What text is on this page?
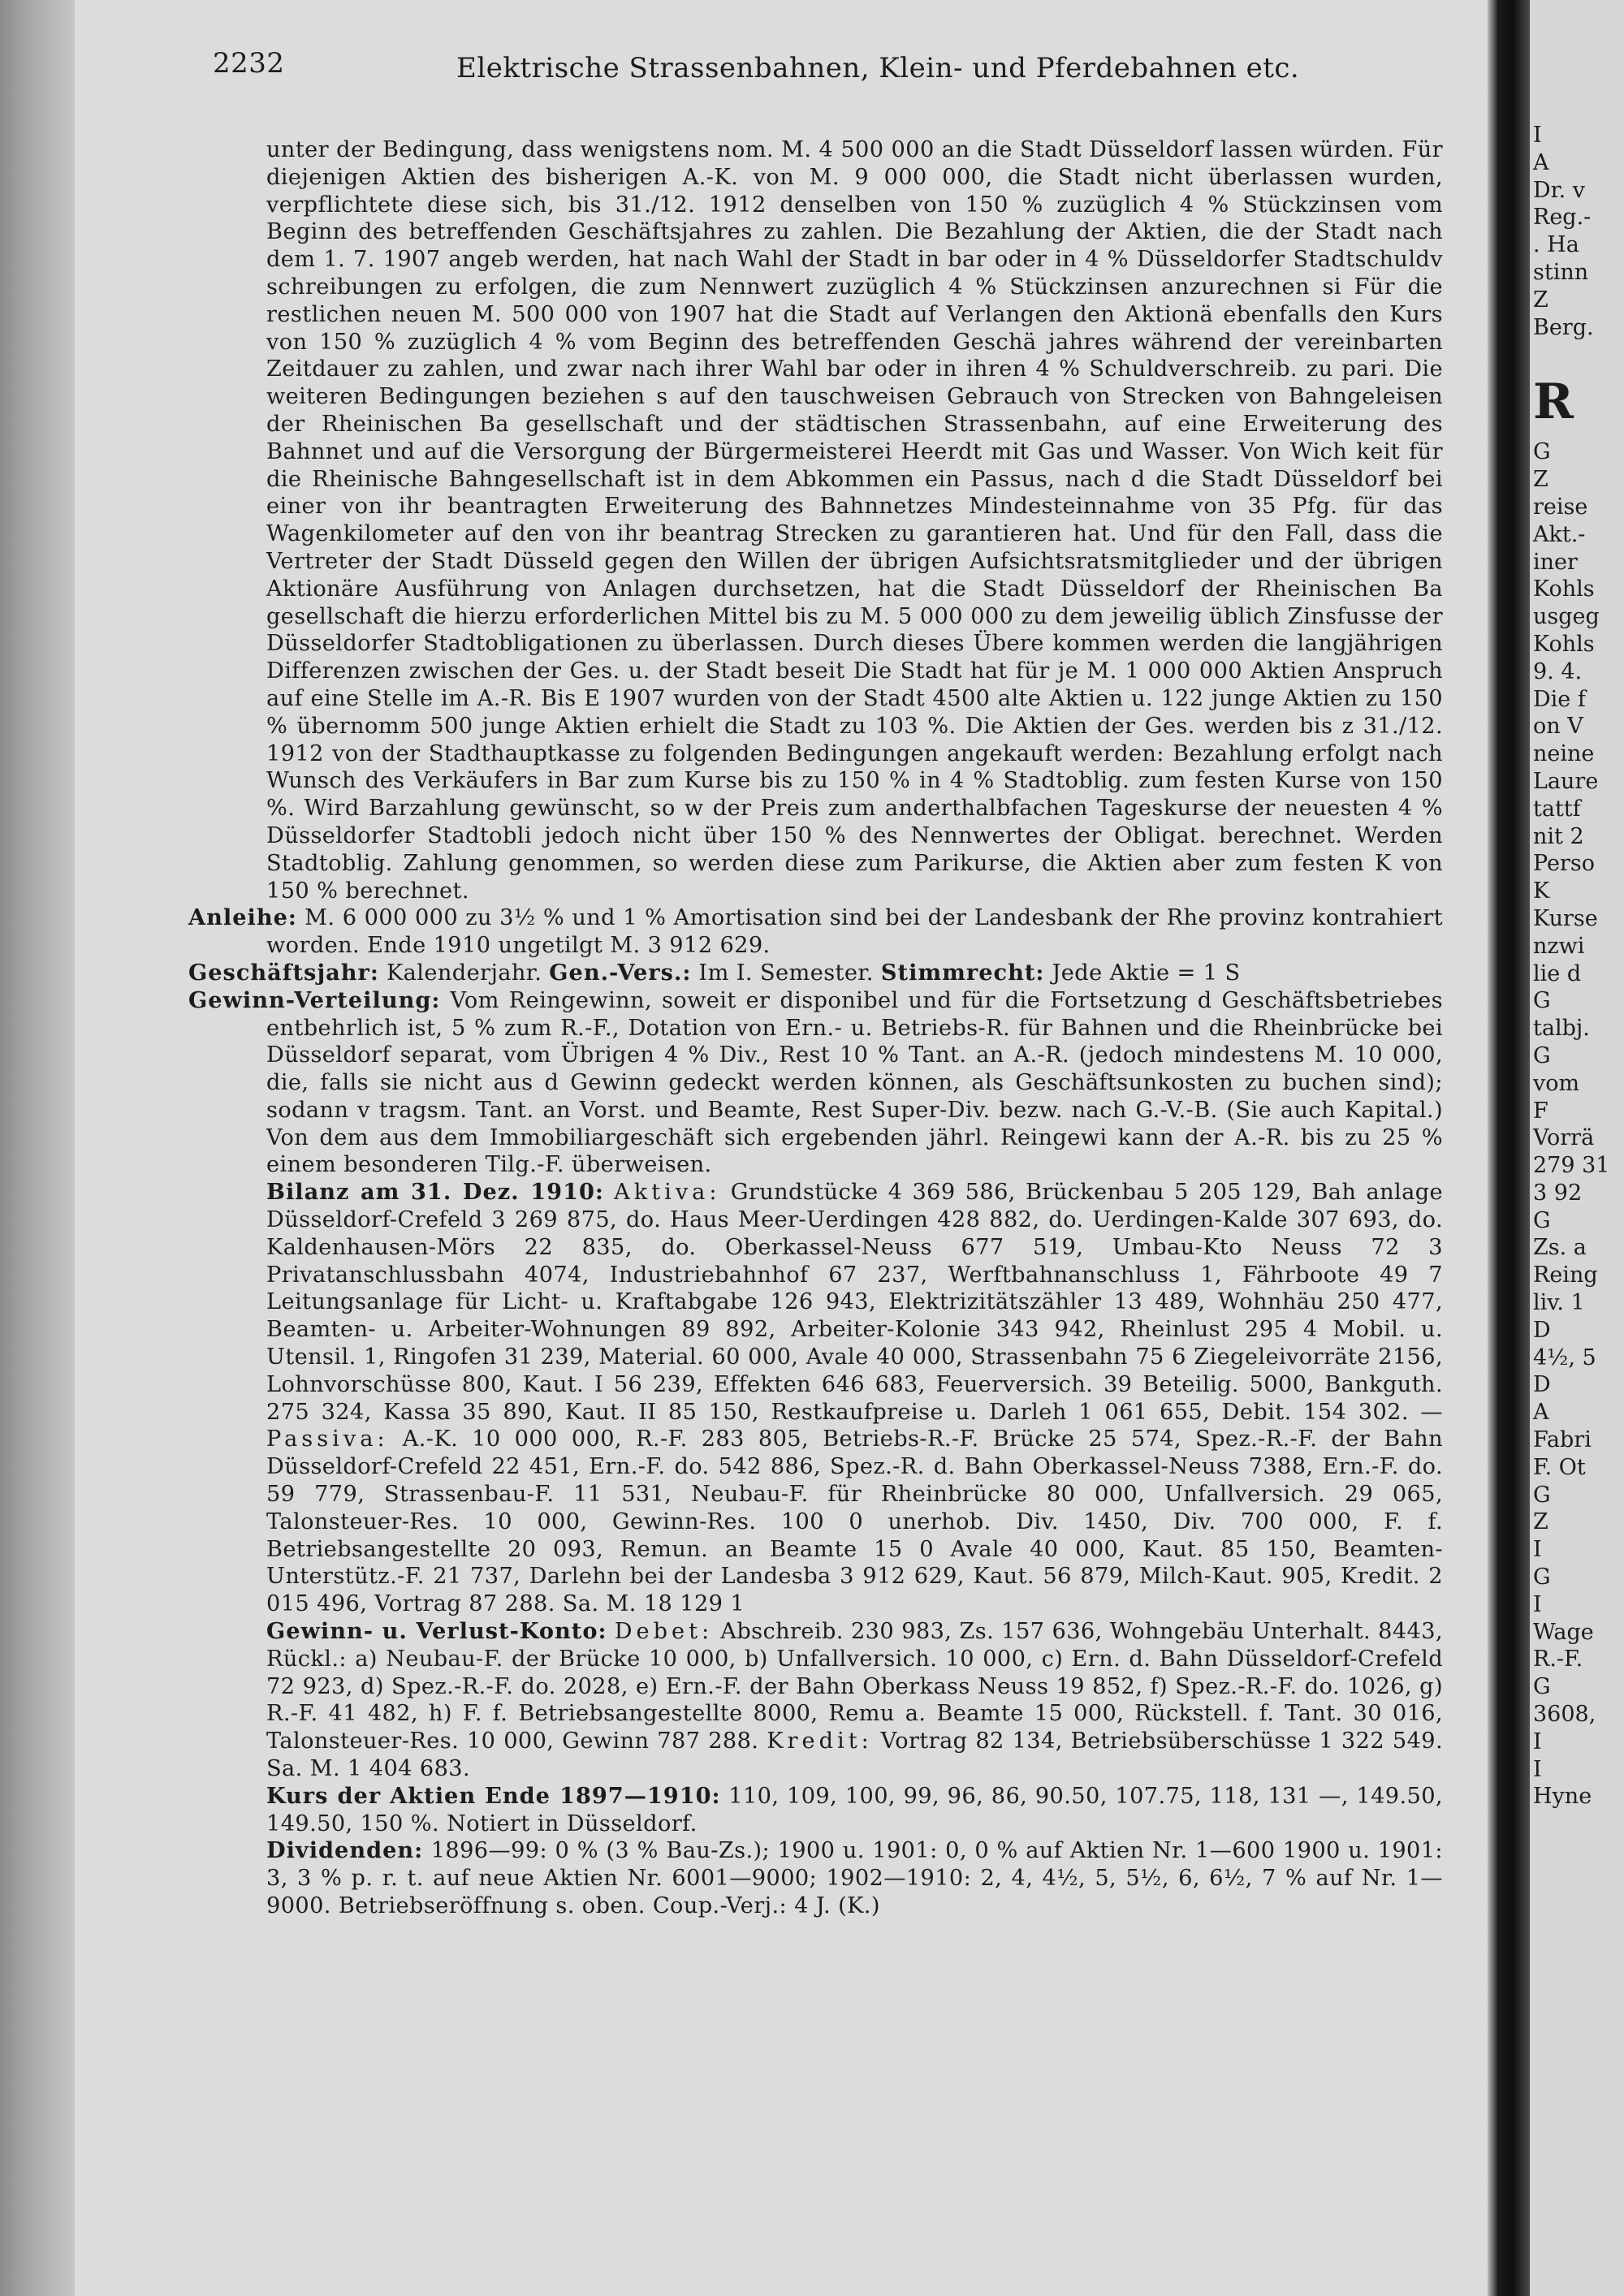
I
A
Dr. v
Reg.-
. Ha
stinn
Z
Berg.
R
G
Z
reise
Akt.-
iner
Kohls
usgeg
Kohls
9. 4.
Die f
on V
neine
Laure
tattf
nit 2
Perso
K
Kurse
nzwi
lie d
G
talbj.
G
vom
F
Vorrä
279 31
3 92
G
Zs. a
Reing
liv. 1
D
4½, 5
D
A
Fabri
F. Ot
G
Z
I
G
I
Wage
R.-F.
G
3608,
I
I
Hyne
2232	Elektrische Strassenbahnen, Klein- und Pferdebahnen etc.

unter der Bedingung, dass wenigstens nom. M. 4 500 000 an die Stadt Düsseldorf lassen würden. Für diejenigen Aktien des bisherigen A.-K. von M. 9 000 000, die Stadt nicht überlassen wurden, verpflichtete diese sich, bis 31./12. 1912 denselben von 150 % zuzüglich 4 % Stückzinsen vom Beginn des betreffenden Geschäftsjahres zu zahlen. Die Bezahlung der Aktien, die der Stadt nach dem 1. 7. 1907 angeb werden, hat nach Wahl der Stadt in bar oder in 4 % Düsseldorfer Stadtschuldv schreibungen zu erfolgen, die zum Nennwert zuzüglich 4 % Stückzinsen anzurechnen si Für die restlichen neuen M. 500 000 von 1907 hat die Stadt auf Verlangen den Aktionä ebenfalls den Kurs von 150 % zuzüglich 4 % vom Beginn des betreffenden Geschä jahres während der vereinbarten Zeitdauer zu zahlen, und zwar nach ihrer Wahl bar oder in ihren 4 % Schuldverschreib. zu pari. Die weiteren Bedingungen beziehen s auf den tauschweisen Gebrauch von Strecken von Bahngeleisen der Rheinischen Ba gesellschaft und der städtischen Strassenbahn, auf eine Erweiterung des Bahnnet und auf die Versorgung der Bürgermeisterei Heerdt mit Gas und Wasser. Von Wich keit für die Rheinische Bahngesellschaft ist in dem Abkommen ein Passus, nach d die Stadt Düsseldorf bei einer von ihr beantragten Erweiterung des Bahnnetzes Mindesteinnahme von 35 Pfg. für das Wagenkilometer auf den von ihr beantrag Strecken zu garantieren hat. Und für den Fall, dass die Vertreter der Stadt Düsseld gegen den Willen der übrigen Aufsichtsratsmitglieder und der übrigen Aktionäre Ausführung von Anlagen durchsetzen, hat die Stadt Düsseldorf der Rheinischen Ba gesellschaft die hierzu erforderlichen Mittel bis zu M. 5 000 000 zu dem jeweilig üblich Zinsfusse der Düsseldorfer Stadtobligationen zu überlassen. Durch dieses Übere kommen werden die langjährigen Differenzen zwischen der Ges. u. der Stadt beseit Die Stadt hat für je M. 1 000 000 Aktien Anspruch auf eine Stelle im A.-R. Bis E 1907 wurden von der Stadt 4500 alte Aktien u. 122 junge Aktien zu 150 % übernomm 500 junge Aktien erhielt die Stadt zu 103 %. Die Aktien der Ges. werden bis z 31./12. 1912 von der Stadthauptkasse zu folgenden Bedingungen angekauft werden: Bezahlung erfolgt nach Wunsch des Verkäufers in Bar zum Kurse bis zu 150 % in 4 % Stadtoblig. zum festen Kurse von 150 %. Wird Barzahlung gewünscht, so w der Preis zum anderthalbfachen Tageskurse der neuesten 4 % Düsseldorfer Stadtobli jedoch nicht über 150 % des Nennwertes der Obligat. berechnet. Werden Stadtoblig. Zahlung genommen, so werden diese zum Parikurse, die Aktien aber zum festen K von 150 % berechnet.

Anleihe: M. 6 000 000 zu 3½ % und 1 % Amortisation sind bei der Landesbank der Rhe provinz kontrahiert worden. Ende 1910 ungetilgt M. 3 912 629.

Geschäftsjahr: Kalenderjahr. Gen.-Vers.: Im I. Semester. Stimmrecht: Jede Aktie = 1 S

Gewinn-Verteilung: Vom Reingewinn, soweit er disponibel und für die Fortsetzung d Geschäftsbetriebes entbehrlich ist, 5 % zum R.-F., Dotation von Ern.- u. Betriebs-R. für Bahnen und die Rheinbrücke bei Düsseldorf separat, vom Übrigen 4 % Div., Rest 10 % Tant. an A.-R. (jedoch mindestens M. 10 000, die, falls sie nicht aus d Gewinn gedeckt werden können, als Geschäftsunkosten zu buchen sind); sodann v tragsm. Tant. an Vorst. und Beamte, Rest Super-Div. bezw. nach G.-V.-B. (Sie auch Kapital.) Von dem aus dem Immobiliargeschäft sich ergebenden jährl. Reingewi kann der A.-R. bis zu 25 % einem besonderen Tilg.-F. überweisen.

Bilanz am 31. Dez. 1910: Aktiva: Grundstücke 4 369 586, Brückenbau 5 205 129, Bah anlage Düsseldorf-Crefeld 3 269 875, do. Haus Meer-Uerdingen 428 882, do. Uerdingen-Kalde 307 693, do. Kaldenhausen-Mörs 22 835, do. Oberkassel-Neuss 677 519, Umbau-Kto Neuss 72 3 Privatanschlussbahn 4074, Industriebahnhof 67 237, Werftbahnanschluss 1, Fährboote 49 7 Leitungsanlage für Licht- u. Kraftabgabe 126 943, Elektrizitätszähler 13 489, Wohnhäu 250 477, Beamten- u. Arbeiter-Wohnungen 89 892, Arbeiter-Kolonie 343 942, Rheinlust 295 4 Mobil. u. Utensil. 1, Ringofen 31 239, Material. 60 000, Avale 40 000, Strassenbahn 75 6 Ziegeleivorräte 2156, Lohnvorschüsse 800, Kaut. I 56 239, Effekten 646 683, Feuerversich. 39 Beteilig. 5000, Bankguth. 275 324, Kassa 35 890, Kaut. II 85 150, Restkaufpreise u. Darleh 1 061 655, Debit. 154 302. — Passiva: A.-K. 10 000 000, R.-F. 283 805, Betriebs-R.-F. Brücke 25 574, Spez.-R.-F. der Bahn Düsseldorf-Crefeld 22 451, Ern.-F. do. 542 886, Spez.-R. d. Bahn Oberkassel-Neuss 7388, Ern.-F. do. 59 779, Strassenbau-F. 11 531, Neubau-F. für Rheinbrücke 80 000, Unfallversich. 29 065, Talonsteuer-Res. 10 000, Gewinn-Res. 100 0 unerhob. Div. 1450, Div. 700 000, F. f. Betriebsangestellte 20 093, Remun. an Beamte 15 0 Avale 40 000, Kaut. 85 150, Beamten-Unterstütz.-F. 21 737, Darlehn bei der Landesba 3 912 629, Kaut. 56 879, Milch-Kaut. 905, Kredit. 2 015 496, Vortrag 87 288. Sa. M. 18 129 1

Gewinn- u. Verlust-Konto: Debet: Abschreib. 230 983, Zs. 157 636, Wohngebäu Unterhalt. 8443, Rückl.: a) Neubau-F. der Brücke 10 000, b) Unfallversich. 10 000, c) Ern. d. Bahn Düsseldorf-Crefeld 72 923, d) Spez.-R.-F. do. 2028, e) Ern.-F. der Bahn Oberkass Neuss 19 852, f) Spez.-R.-F. do. 1026, g) R.-F. 41 482, h) F. f. Betriebsangestellte 8000, Remu a. Beamte 15 000, Rückstell. f. Tant. 30 016, Talonsteuer-Res. 10 000, Gewinn 787 288. Kredit: Vortrag 82 134, Betriebsüberschüsse 1 322 549. Sa. M. 1 404 683.

Kurs der Aktien Ende 1897—1910: 110, 109, 100, 99, 96, 86, 90.50, 107.75, 118, 131 —, 149.50, 149.50, 150 %. Notiert in Düsseldorf.

Dividenden: 1896—99: 0 % (3 % Bau-Zs.); 1900 u. 1901: 0, 0 % auf Aktien Nr. 1—600 1900 u. 1901: 3, 3 % p. r. t. auf neue Aktien Nr. 6001—9000; 1902—1910: 2, 4, 4½, 5, 5½, 6, 6½, 7 % auf Nr. 1—9000. Betriebseröffnung s. oben. Coup.-Verj.: 4 J. (K.)
